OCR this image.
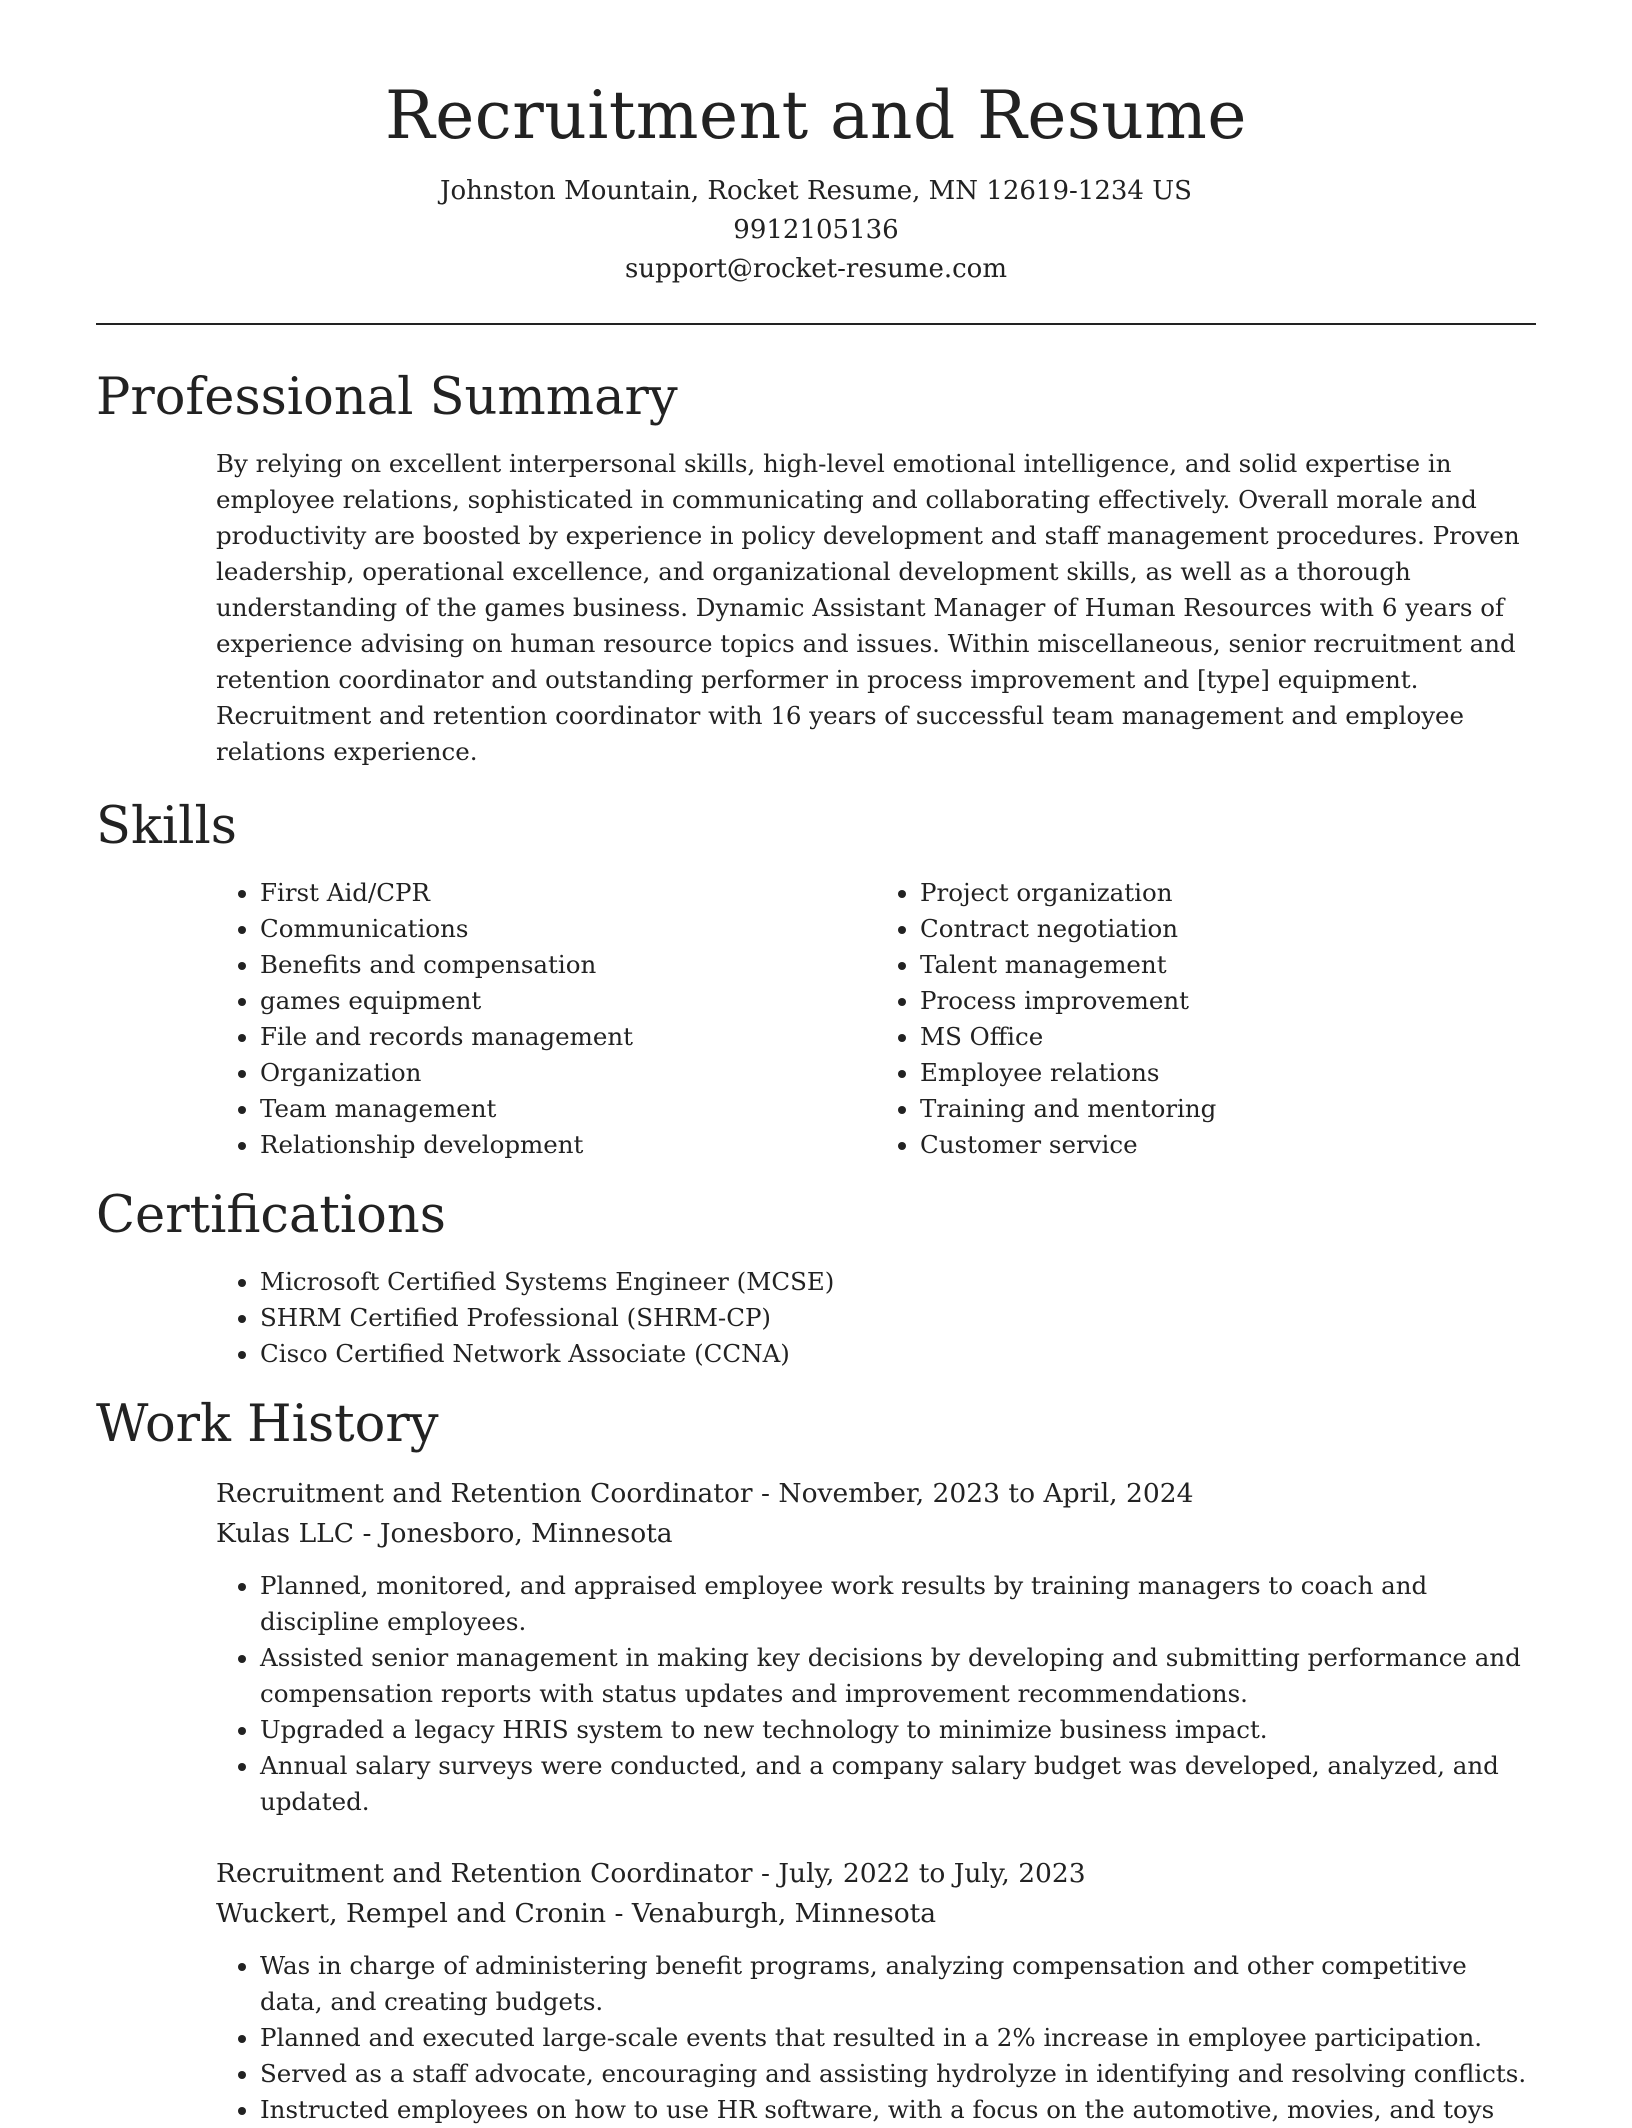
Recruitment and Resume
Johnston Mountain, Rocket Resume, MN 12619-1234 US
9912105136
support@rocket-resume.com
Professional Summary

By relying on excellent interpersonal skills, high-level emotional intelligence, and solid expertise in employee relations, sophisticated in communicating and collaborating effectively. Overall morale and productivity are boosted by experience in policy development and staff management procedures. Proven leadership, operational excellence, and organizational development skills, as well as a thorough understanding of the games business. Dynamic Assistant Manager of Human Resources with 6 years of experience advising on human resource topics and issues. Within miscellaneous, senior recruitment and retention coordinator and outstanding performer in process improvement and [type] equipment. Recruitment and retention coordinator with 16 years of successful team management and employee relations experience.

Skills
• First Aid/CPR
• Communications
• Benefits and compensation
• games equipment
• File and records management
• Organization
• Team management
• Relationship development
• Project organization
• Contract negotiation
• Talent management
• Process improvement
• MS Office
• Employee relations
• Training and mentoring
• Customer service
Certifications
• Microsoft Certified Systems Engineer (MCSE)
• SHRM Certified Professional (SHRM-CP)
• Cisco Certified Network Associate (CCNA)
Work History
Recruitment and Retention Coordinator - November, 2023 to April, 2024
Kulas LLC - Jonesboro, Minnesota
• Planned, monitored, and appraised employee work results by training managers to coach and discipline employees.
• Assisted senior management in making key decisions by developing and submitting performance and compensation reports with status updates and improvement recommendations.
• Upgraded a legacy HRIS system to new technology to minimize business impact.
• Annual salary surveys were conducted, and a company salary budget was developed, analyzed, and updated.
Recruitment and Retention Coordinator - July, 2022 to July, 2023
Wuckert, Rempel and Cronin - Venaburgh, Minnesota
• Was in charge of administering benefit programs, analyzing compensation and other competitive data, and creating budgets.
• Planned and executed large-scale events that resulted in a 2% increase in employee participation.
• Served as a staff advocate, encouraging and assisting hydrolyze in identifying and resolving conflicts.
• Instructed employees on how to use HR software, with a focus on the automotive, movies, and toys
